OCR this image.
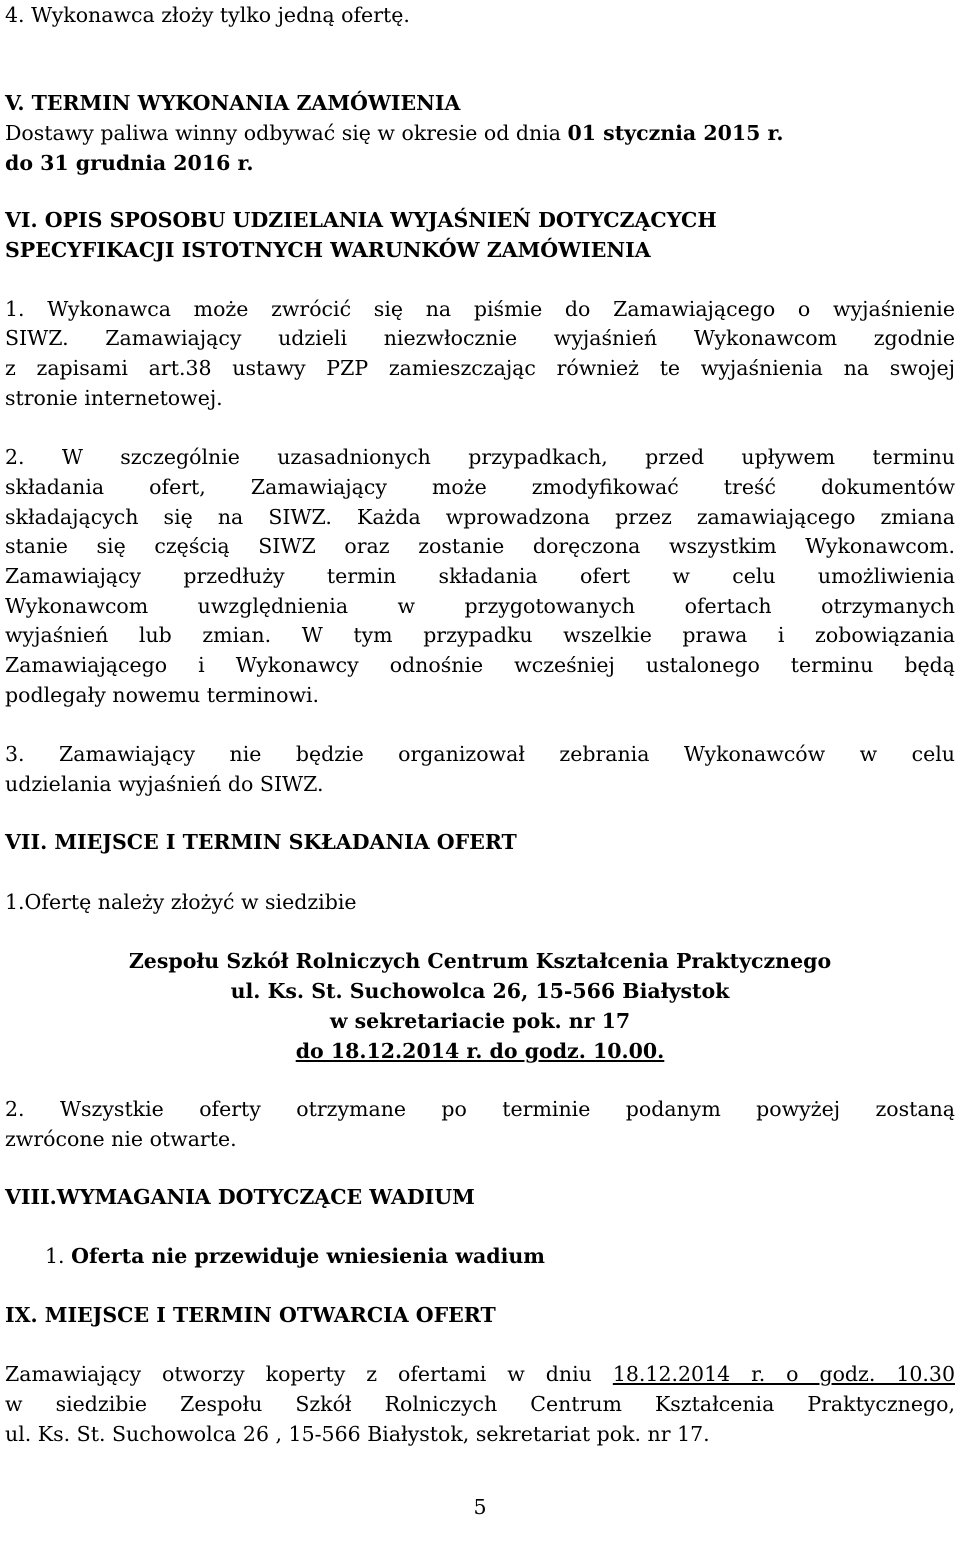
4. Wykonawca złoży tylko jedną ofertę.
V. TERMIN WYKONANIA ZAMÓWIENIA
Dostawy paliwa winny odbywać się w okresie od dnia 01 stycznia 2015 r.
do 31 grudnia 2016 r.
VI. OPIS SPOSOBU UDZIELANIA WYJAŚNIEŃ DOTYCZĄCYCH
SPECYFIKACJI ISTOTNYCH WARUNKÓW ZAMÓWIENIA
1. Wykonawca może zwrócić się na piśmie do Zamawiającego o wyjaśnienie
SIWZ. Zamawiający udzieli niezwłocznie wyjaśnień Wykonawcom zgodnie
z zapisami art.38 ustawy PZP zamieszczając również te wyjaśnienia na swojej
stronie internetowej.
2. W szczególnie uzasadnionych przypadkach, przed upływem terminu
składania ofert, Zamawiający może zmodyfikować treść dokumentów
składających się na SIWZ. Każda wprowadzona przez zamawiającego zmiana
stanie się częścią SIWZ oraz zostanie doręczona wszystkim Wykonawcom.
Zamawiający przedłuży termin składania ofert w celu umożliwienia
Wykonawcom uwzględnienia w przygotowanych ofertach otrzymanych
wyjaśnień lub zmian. W tym przypadku wszelkie prawa i zobowiązania
Zamawiającego i Wykonawcy odnośnie wcześniej ustalonego terminu będą
podlegały nowemu terminowi.
3. Zamawiający nie będzie organizował zebrania Wykonawców w celu
udzielania wyjaśnień do SIWZ.
VII. MIEJSCE I TERMIN SKŁADANIA OFERT
1.Ofertę należy złożyć w siedzibie
Zespołu Szkół Rolniczych Centrum Kształcenia Praktycznego
ul. Ks. St. Suchowolca 26, 15-566 Białystok
w sekretariacie pok. nr 17
do 18.12.2014 r. do godz. 10.00.
2. Wszystkie oferty otrzymane po terminie podanym powyżej zostaną
zwrócone nie otwarte.
VIII.WYMAGANIA DOTYCZĄCE WADIUM
1. Oferta nie przewiduje wniesienia wadium
IX. MIEJSCE I TERMIN OTWARCIA OFERT
Zamawiający otworzy koperty z ofertami w dniu 18.12.2014 r. o godz. 10.30
w siedzibie Zespołu Szkół Rolniczych Centrum Kształcenia Praktycznego,
ul. Ks. St. Suchowolca 26 , 15-566 Białystok, sekretariat pok. nr 17.
5
